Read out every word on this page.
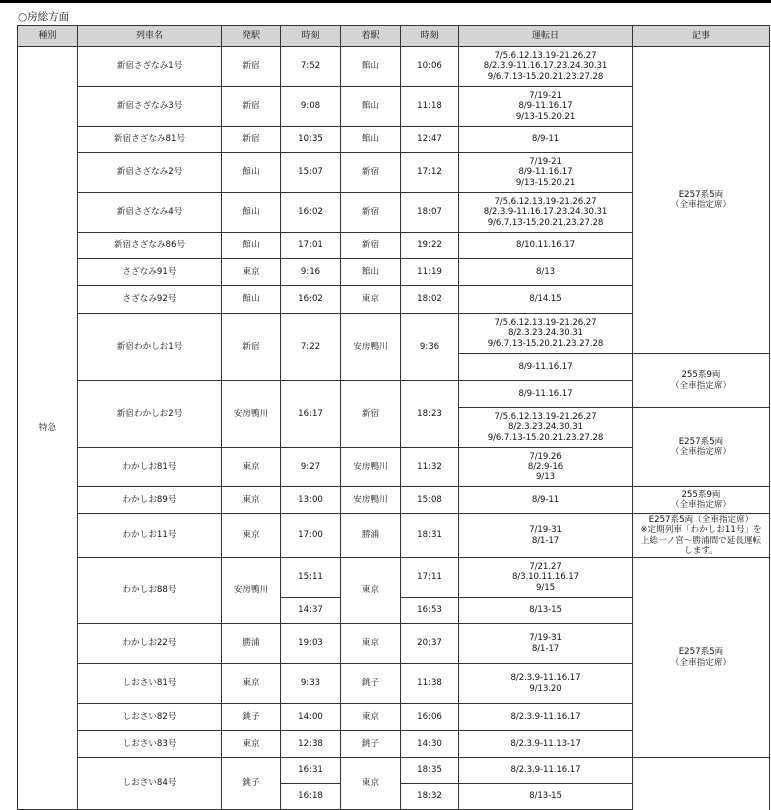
○房総方面
種別	列車名	発駅	時刻	着駅	時刻	運転日	記事	
特急	新宿さざなみ1号	新宿	7:52	館山	10:06	7/5.6.12.13.19-21.26.27
8/2.3.9-11.16.17.23.24.30.31
9/6.7.13-15.20.21.23.27.28	E257系5両
（全車指定席）	

	新宿さざなみ3号	新宿	9:08	館山	11:18	7/19-21
8/9-11.16.17
9/13-15.20.21		

	新宿さざなみ81号	新宿	10:35	館山	12:47	8/9-11		

	新宿さざなみ2号	館山	15:07	新宿	17:12	7/19-21
8/9-11.16.17
9/13-15.20.21		

	新宿さざなみ4号	館山	16:02	新宿	18:07	7/5.6.12.13.19-21.26.27
8/2.3.9-11.16.17.23.24.30.31
9/6.7.13-15.20.21.23.27.28		

	新宿さざなみ86号	館山	17:01	新宿	19:22	8/10.11.16.17		

	さざなみ91号	東京	9:16	館山	11:19	8/13		

	さざなみ92号	館山	16:02	東京	18:02	8/14.15		

	新宿わかしお1号	新宿	7:22	安房鴨川	9:36	7/5.6.12.13.19-21.26.27
8/2.3.23.24.30.31
9/6.7.13-15.20.21.23.27.28		

						8/9-11.16.17	255系9両
（全車指定席）	

	新宿わかしお2号	安房鴨川	16:17	新宿	18:23	8/9-11.16.17		

						7/5.6.12.13.19-21.26.27
8/2.3.23.24.30.31
9/6.7.13-15.20.21.23.27.28	E257系5両
（全車指定席）	

	わかしお81号	東京	9:27	安房鴨川	11:32	7/19.26
8/2.9-16
9/13		

	わかしお89号	東京	13:00	安房鴨川	15:08	8/9-11	255系9両
（全車指定席）	

	わかしお11号	東京	17:00	勝浦	18:31	7/19-31
8/1-17	E257系5両（全車指定席）
※定期列車「わかしお11号」を
上総一ノ宮～勝浦間で延長運転
します。	

	わかしお88号	安房鴨川	15:11	東京	17:11	7/21.27
8/3.10.11.16.17
9/15	E257系5両
（全車指定席）	

			14:37		16:53	8/13-15		

	わかしお22号	勝浦	19:03	東京	20:37	7/19-31
8/1-17		

	しおさい81号	東京	9:33	銚子	11:38	8/2.3.9-11.16.17
9/13.20		

	しおさい82号	銚子	14:00	東京	16:06	8/2.3.9-11.16.17		

	しおさい83号	東京	12:38	銚子	14:30	8/2.3.9-11.13-17

	しおさい84号	銚子	16:31	東京	18:35	8/2.3.9-11.16.17		

			16:18		18:32	8/13-15		
